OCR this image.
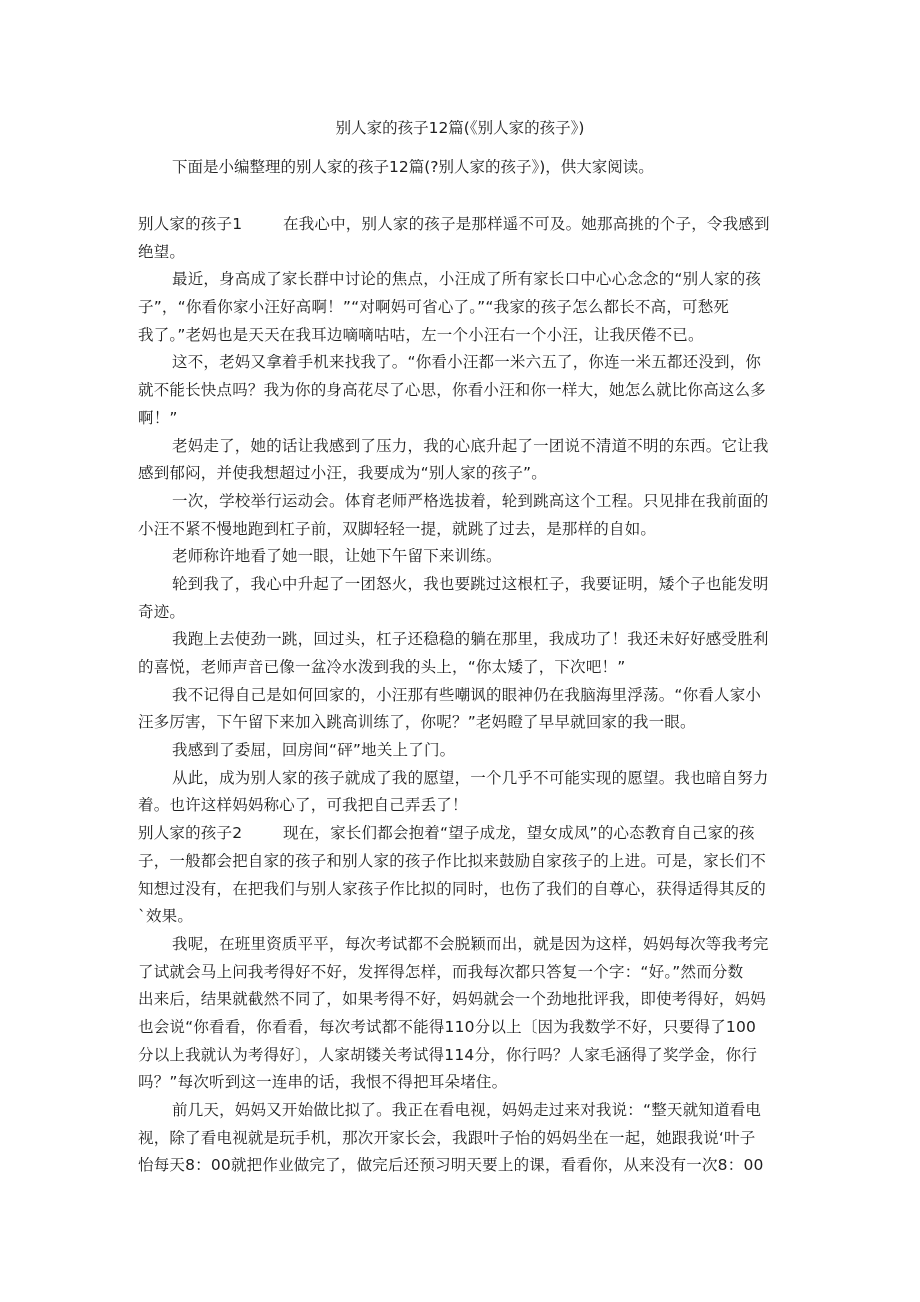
别人家的孩子12篇(《别人家的孩子》)
下面是小编整理的别人家的孩子12篇(?别人家的孩子》)，供大家阅读。
别人家的孩子1	在我心中，别人家的孩子是那样遥不可及。她那高挑的个子，令我感到
绝望。
最近，身高成了家长群中讨论的焦点，小汪成了所有家长口中心心念念的“别人家的孩
子”，“你看你家小汪好高啊！”“对啊妈可省心了。”“我家的孩子怎么都长不高，可愁死
我了。”老妈也是天天在我耳边嘀嘀咕咕，左一个小汪右一个小汪，让我厌倦不已。
这不，老妈又拿着手机来找我了。“你看小汪都一米六五了，你连一米五都还没到，你
就不能长快点吗？我为你的身高花尽了心思，你看小汪和你一样大，她怎么就比你高这么多
啊！”
老妈走了，她的话让我感到了压力，我的心底升起了一团说不清道不明的东西。它让我
感到郁闷，并使我想超过小汪，我要成为“别人家的孩子”。
一次，学校举行运动会。体育老师严格选拔着，轮到跳高这个工程。只见排在我前面的
小汪不紧不慢地跑到杠子前，双脚轻轻一提，就跳了过去，是那样的自如。
老师称许地看了她一眼，让她下午留下来训练。
轮到我了，我心中升起了一团怒火，我也要跳过这根杠子，我要证明，矮个子也能发明
奇迹。
我跑上去使劲一跳，回过头，杠子还稳稳的躺在那里，我成功了！我还未好好感受胜利
的喜悦，老师声音已像一盆冷水泼到我的头上，“你太矮了，下次吧！”
我不记得自己是如何回家的，小汪那有些嘲讽的眼神仍在我脑海里浮荡。“你看人家小
汪多厉害，下午留下来加入跳高训练了，你呢？”老妈瞪了早早就回家的我一眼。
我感到了委屈，回房间“砰”地关上了门。
从此，成为别人家的孩子就成了我的愿望，一个几乎不可能实现的愿望。我也暗自努力
着。也许这样妈妈称心了，可我把自己弄丢了！
别人家的孩子2	现在，家长们都会抱着“望子成龙，望女成凤”的心态教育自己家的孩
子，一般都会把自家的孩子和别人家的孩子作比拟来鼓励自家孩子的上进。可是，家长们不
知想过没有，在把我们与别人家孩子作比拟的同时，也伤了我们的自尊心，获得适得其反的
`效果。
我呢，在班里资质平平，每次考试都不会脱颖而出，就是因为这样，妈妈每次等我考完
了试就会马上问我考得好不好，发挥得怎样，而我每次都只答复一个字：“好。”然而分数
出来后，结果就截然不同了，如果考得不好，妈妈就会一个劲地批评我，即使考得好，妈妈
也会说“你看看，你看看，每次考试都不能得110分以上〔因为我数学不好，只要得了100
分以上我就认为考得好〕，人家胡镂关考试得114分，你行吗？人家毛涵得了奖学金，你行
吗？”每次听到这一连串的话，我恨不得把耳朵堵住。
前几天，妈妈又开始做比拟了。我正在看电视，妈妈走过来对我说：“整天就知道看电
视，除了看电视就是玩手机，那次开家长会，我跟叶子怡的妈妈坐在一起，她跟我说‘叶子
怡每天8：00就把作业做完了，做完后还预习明天要上的课，看看你，从来没有一次8：00
